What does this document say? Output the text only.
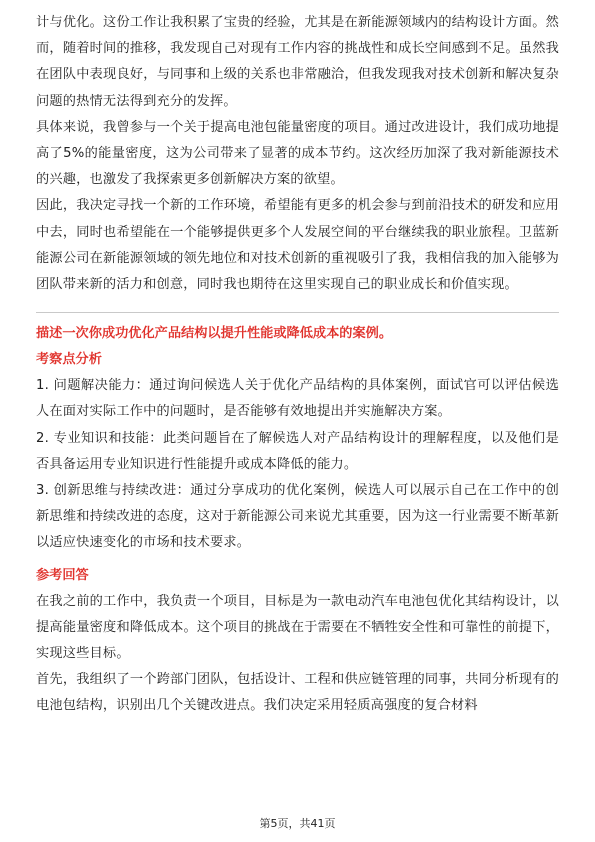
计与优化。这份工作让我积累了宝贵的经验，尤其是在新能源领域内的结构设计方面。然而，随着时间的推移，我发现自己对现有工作内容的挑战性和成长空间感到不足。虽然我在团队中表现良好，与同事和上级的关系也非常融洽，但我发现我对技术创新和解决复杂问题的热情无法得到充分的发挥。

具体来说，我曾参与一个关于提高电池包能量密度的项目。通过改进设计，我们成功地提高了5%的能量密度，这为公司带来了显著的成本节约。这次经历加深了我对新能源技术的兴趣，也激发了我探索更多创新解决方案的欲望。

因此，我决定寻找一个新的工作环境，希望能有更多的机会参与到前沿技术的研发和应用中去，同时也希望能在一个能够提供更多个人发展空间的平台继续我的职业旅程。卫蓝新能源公司在新能源领域的领先地位和对技术创新的重视吸引了我，我相信我的加入能够为团队带来新的活力和创意，同时我也期待在这里实现自己的职业成长和价值实现。

描述一次你成功优化产品结构以提升性能或降低成本的案例。

考察点分析

1. 问题解决能力：通过询问候选人关于优化产品结构的具体案例，面试官可以评估候选人在面对实际工作中的问题时，是否能够有效地提出并实施解决方案。

2. 专业知识和技能：此类问题旨在了解候选人对产品结构设计的理解程度，以及他们是否具备运用专业知识进行性能提升或成本降低的能力。

3. 创新思维与持续改进：通过分享成功的优化案例，候选人可以展示自己在工作中的创新思维和持续改进的态度，这对于新能源公司来说尤其重要，因为这一行业需要不断革新以适应快速变化的市场和技术要求。

参考回答

在我之前的工作中，我负责一个项目，目标是为一款电动汽车电池包优化其结构设计，以提高能量密度和降低成本。这个项目的挑战在于需要在不牺牲安全性和可靠性的前提下，实现这些目标。

首先，我组织了一个跨部门团队，包括设计、工程和供应链管理的同事，共同分析现有的电池包结构，识别出几个关键改进点。我们决定采用轻质高强度的复合材料

第5页，共41页
